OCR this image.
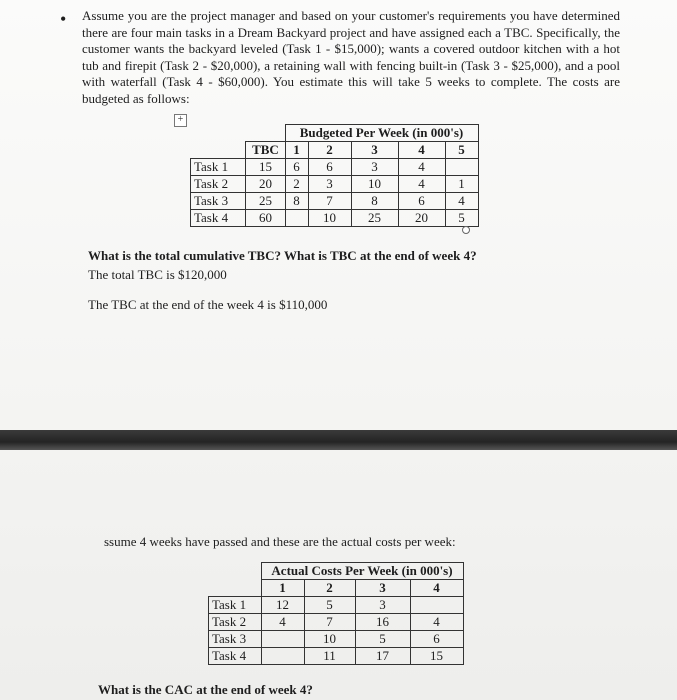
• Assume you are the project manager and based on your customer's requirements you have determined there are four main tasks in a Dream Backyard project and have assigned each a TBC. Specifically, the customer wants the backyard leveled (Task 1 - $15,000); wants a covered outdoor kitchen with a hot tub and firepit (Task 2 - $20,000), a retaining wall with fencing built-in (Task 3 - $25,000), and a pool with waterfall (Task 4 - $60,000). You estimate this will take 5 weeks to complete. The costs are budgeted as follows:
+
		Budgeted Per Week (in 000's)				
	TBC	1	2	3	4	5
Task 1	15	6	6	3	4	
Task 2	20	2	3	10	4	1
Task 3	25	8	7	8	6	4
Task 4	60		10	25	20	5
What is the total cumulative TBC? What is TBC at the end of week 4?
The total TBC is $120,000
The TBC at the end of the week 4 is $110,000
ssume 4 weeks have passed and these are the actual costs per week:
	Actual Costs Per Week (in 000's)			
	1	2	3	4
Task 1	12	5	3	
Task 2	4	7	16	4
Task 3		10	5	6
Task 4		11	17	15
What is the CAC at the end of week 4?
